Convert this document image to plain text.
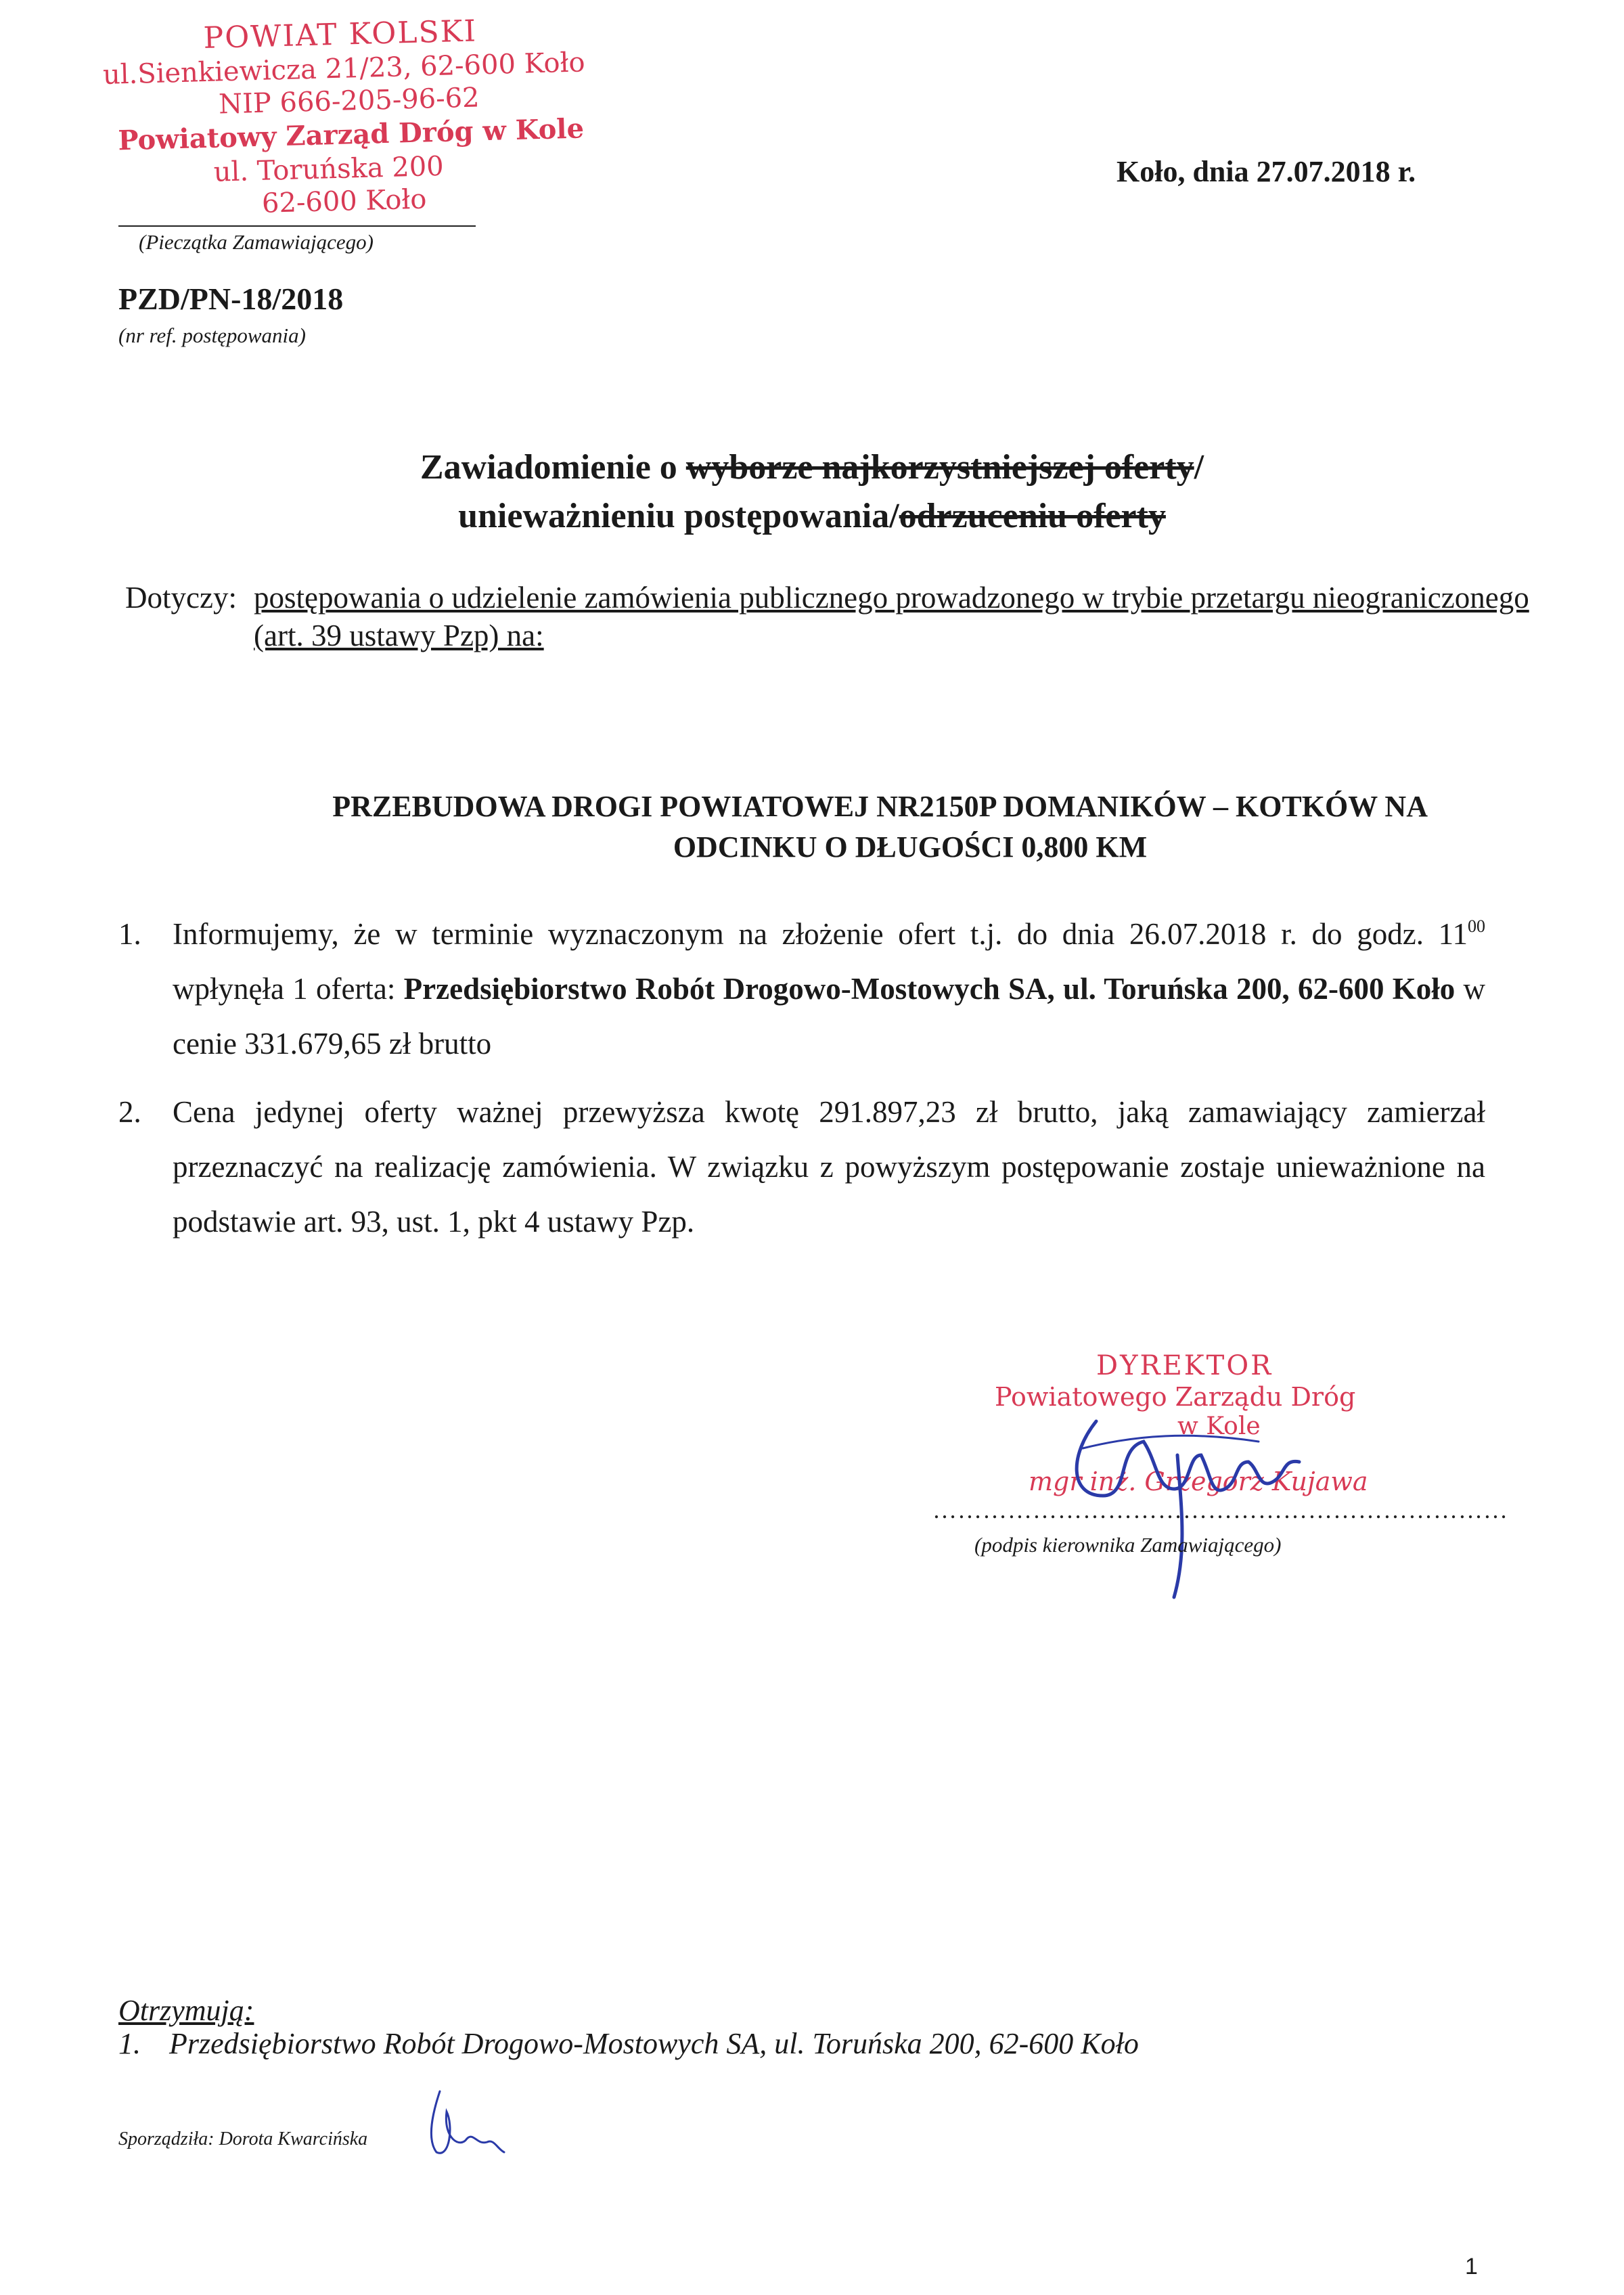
POWIAT KOLSKI
ul.Sienkiewicza 21/23, 62-600 Koło
NIP 666-205-96-62
Powiatowy Zarząd Dróg w Kole
ul. Toruńska 200
62-600 Koło
(Pieczątka Zamawiającego)
Koło, dnia 27.07.2018 r.
PZD/PN-18/2018
(nr ref. postępowania)
Zawiadomienie o wyborze najkorzystniejszej oferty/
unieważnieniu postępowania/odrzuceniu oferty
Dotyczy: postępowania o udzielenie zamówienia publicznego prowadzonego w trybie przetargu nieograniczonego (art. 39 ustawy Pzp) na:
PRZEBUDOWA DROGI POWIATOWEJ NR2150P DOMANIKÓW – KOTKÓW NA
ODCINKU O DŁUGOŚCI 0,800 KM
1. Informujemy, że w terminie wyznaczonym na złożenie ofert t.j. do dnia 26.07.2018 r. do godz. $11^{00}$ wpłynęła 1 oferta: Przedsiębiorstwo Robót Drogowo-Mostowych SA, ul. Toruńska 200, 62-600 Koło w cenie 331.679,65 zł brutto
2. Cena jedynej oferty ważnej przewyższa kwotę 291.897,23 zł brutto, jaką zamawiający zamierzał przeznaczyć na realizację zamówienia. W związku z powyższym postępowanie zostaje unieważnione na podstawie art. 93, ust. 1, pkt 4 ustawy Pzp.
DYREKTOR
Powiatowego Zarządu Dróg
w Kole
mgr inż. Grzegorz Kujawa
……………………………………………………………
(podpis kierownika Zamawiającego)
Otrzymują:
1. Przedsiębiorstwo Robót Drogowo-Mostowych SA, ul. Toruńska 200, 62-600 Koło
Sporządziła: Dorota Kwarcińska
1
